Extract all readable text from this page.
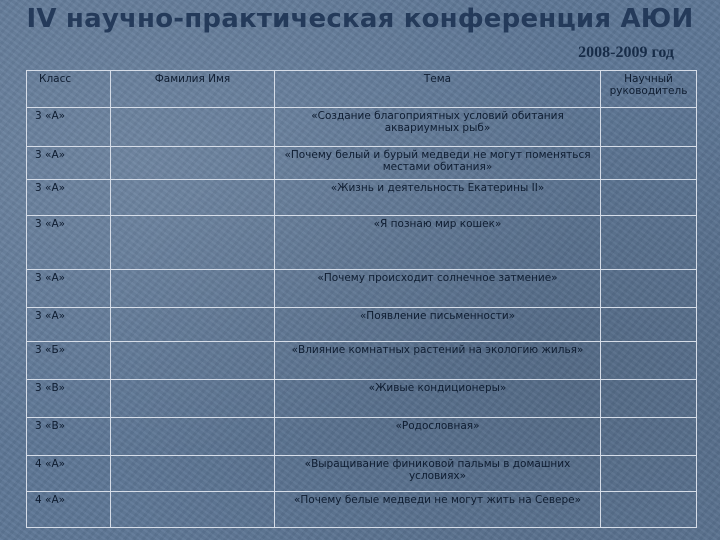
IV научно-практическая конференция АЮИ
2008-2009 год
Класс	Фамилия Имя	Тема	Научный руководитель
3 «А»		«Создание благоприятных условий обитания аквариумных рыб»	
3 «А»		«Почему белый и бурый медведи не могут поменяться местами обитания»	
3 «А»		«Жизнь и деятельность Екатерины II»	
3 «А»		«Я познаю мир кошек»	
3 «А»		«Почему происходит солнечное затмение»	
3 «А»		«Появление письменности»	
3 «Б»		«Влияние комнатных растений на экологию жилья»	
3 «В»		«Живые кондиционеры»	
3 «В»		«Родословная»	
4 «А»		«Выращивание финиковой пальмы в домашних условиях»	
4 «А»		«Почему белые медведи не могут жить на Севере»	
